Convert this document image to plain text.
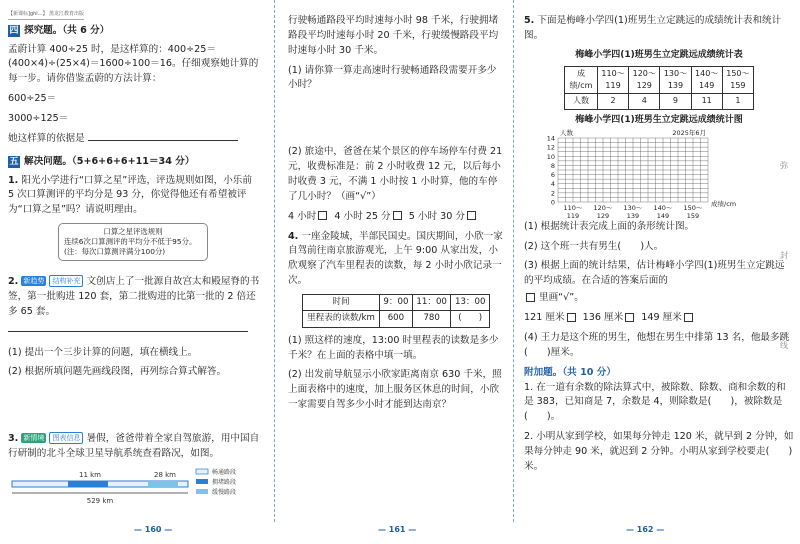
【新课标]ghl...】 黑龙江教育出版
四 探究题。（共 6 分）

孟蔚计算 400÷25 时，是这样算的：400÷25＝(400×4)÷(25×4)＝1600÷100＝16。仔细观察她计算的每一步。请你借鉴孟蔚的方法计算：

600÷25＝

3000÷125＝

她这样算的依据是

五 解决问题。（5+6+6+6+11＝34 分）

1. 阳光小学进行“口算之星”评选，评选规则如图，小乐前 5 次口算测评的平均分是 93 分，你觉得他还有希望被评为“口算之星”吗？请说明理由。

口算之星评选规则
连续6次口算测评的平均分不低于95分。(注：每次口算测评满分100分)

2. 新趋势 结构补充 文创店上了一批源自故宫太和殿屋脊的书签，第一批购进 120 套，第二批购进的比第一批的 2 倍还多 65 套。

(1) 提出一个三步计算的问题，填在横线上。

(2) 根据所填问题先画线段图，再列综合算式解答。

3. 新情境 图表信息 暑假，爸爸带着全家自驾旅游，用中国自行研制的北斗全球卫星导航系统查看路况，如图。

11 km	28 km
529 km
畅通路段
拥堵路段
缓慢路段
— 160 —

行驶畅通路段平均时速每小时 98 千米，行驶拥堵路段平均时速每小时 20 千米，行驶缓慢路段平均时速每小时 30 千米。

(1) 请你算一算走高速时行驶畅通路段需要开多少小时？

(2) 旅途中，爸爸在某个景区的停车场停车付费 21 元，收费标准是：前 2 小时收费 12 元，以后每小时收费 3 元，不满 1 小时按 1 小时算，他的车停了几小时？（画“√”）

4 小时 4 小时 25 分 5 小时 30 分

4. 一座金陵城，半部民国史。国庆期间，小欣一家自驾前往南京旅游观光，上午 9:00 从家出发，小欣观察了汽车里程表的读数，每 2 小时小欣记录一次。

时间	9：00	11：00	13：00
里程表的读数/km	600	780	(　　)

(1) 照这样的速度，13:00 时里程表的读数是多少千米？在上面的表格中填一填。

(2) 出发前导航显示小欣家距离南京 630 千米，照上面表格中的速度，加上服务区休息的时间，小欣一家需要自驾多少小时才能到达南京？

— 161 —

5. 下面是梅峰小学四(1)班男生立定跳远的成绩统计表和统计图。

梅峰小学四(1)班男生立定跳远成绩统计表
成绩/cm	110～119	120～129	130～139	140～149	150～159
人数	2	4	9	11	1
梅峰小学四(1)班男生立定跳远成绩统计图
0
2
4
6
8
10
12
14
人数	2025年6月
110～
119
120～
129
130～
139
140～
149
150～
159
成绩/cm

(1) 根据统计表完成上面的条形统计图。

(2) 这个班一共有男生(　　)人。

(3) 根据上面的统计结果，估计梅峰小学四(1)班男生立定跳远的平均成绩。在合适的答案后面的

里画“√”。

121 厘米 136 厘米 149 厘米

(4) 王力是这个班的男生，他想在男生中排第 13 名，他最多跳(　　)厘米。

附加题。（共 10 分）

1. 在一道有余数的除法算式中，被除数、除数、商和余数的和是 383，已知商是 7，余数是 4，则除数是(　　)，被除数是(　　)。

2. 小明从家到学校，如果每分钟走 120 米，就早到 2 分钟，如果每分钟走 90 米，就迟到 2 分钟。小明从家到学校要走(　　)米。

弥
封
线
— 162 —
